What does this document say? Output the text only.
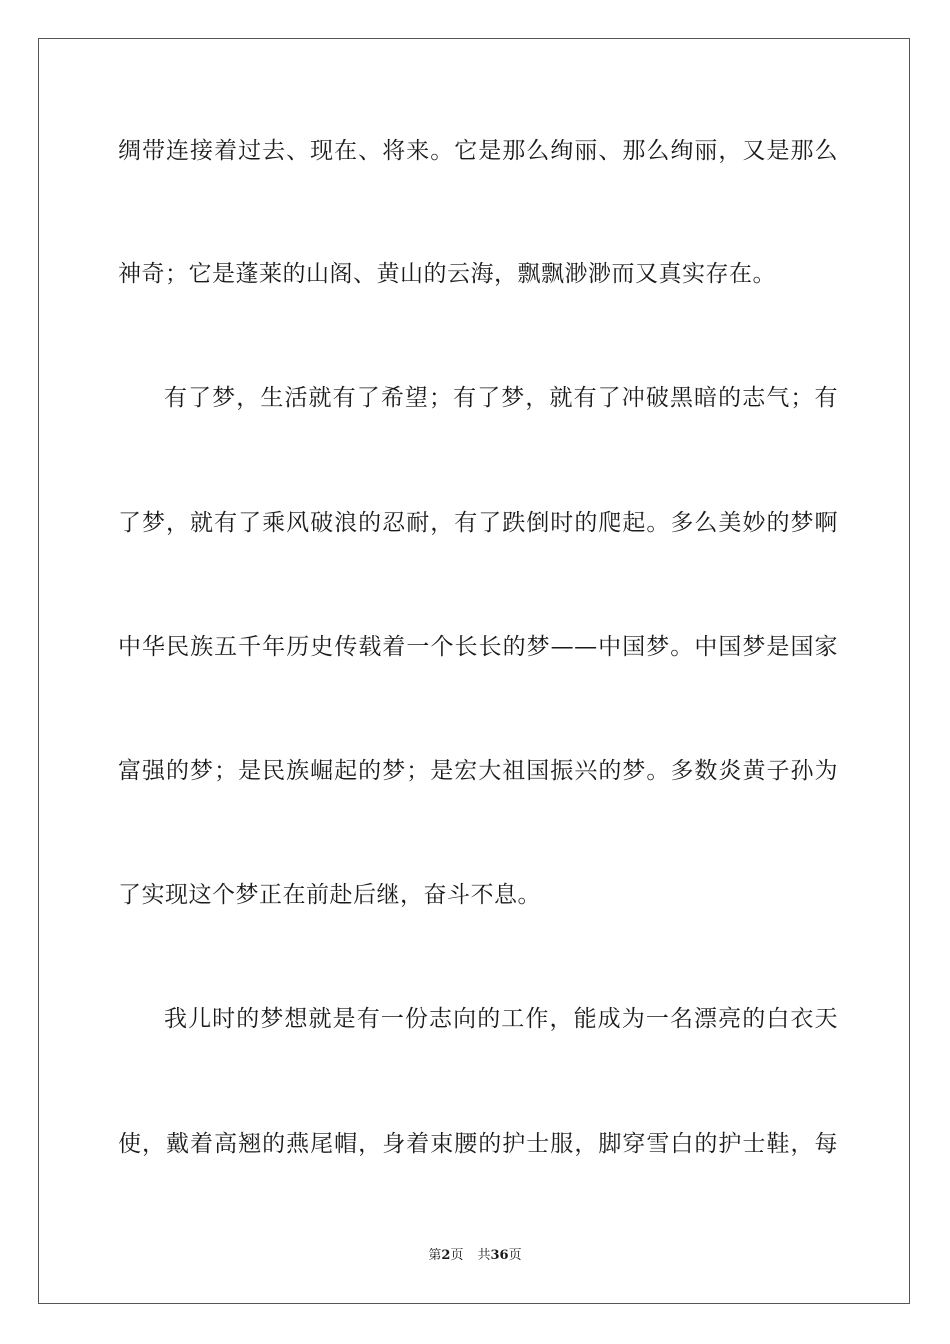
绸带连接着过去、现在、将来。它是那么绚丽、那么绚丽，又是那么
神奇；它是蓬莱的山阁、黄山的云海，飘飘渺渺而又真实存在。
有了梦，生活就有了希望；有了梦，就有了冲破黑暗的志气；有
了梦，就有了乘风破浪的忍耐，有了跌倒时的爬起。多么美妙的梦啊
中华民族五千年历史传载着一个长长的梦——中国梦。中国梦是国家
富强的梦；是民族崛起的梦；是宏大祖国振兴的梦。多数炎黄子孙为
了实现这个梦正在前赴后继，奋斗不息。
我儿时的梦想就是有一份志向的工作，能成为一名漂亮的白衣天
使，戴着高翘的燕尾帽，身着束腰的护士服，脚穿雪白的护士鞋，每
第2页 共36页
